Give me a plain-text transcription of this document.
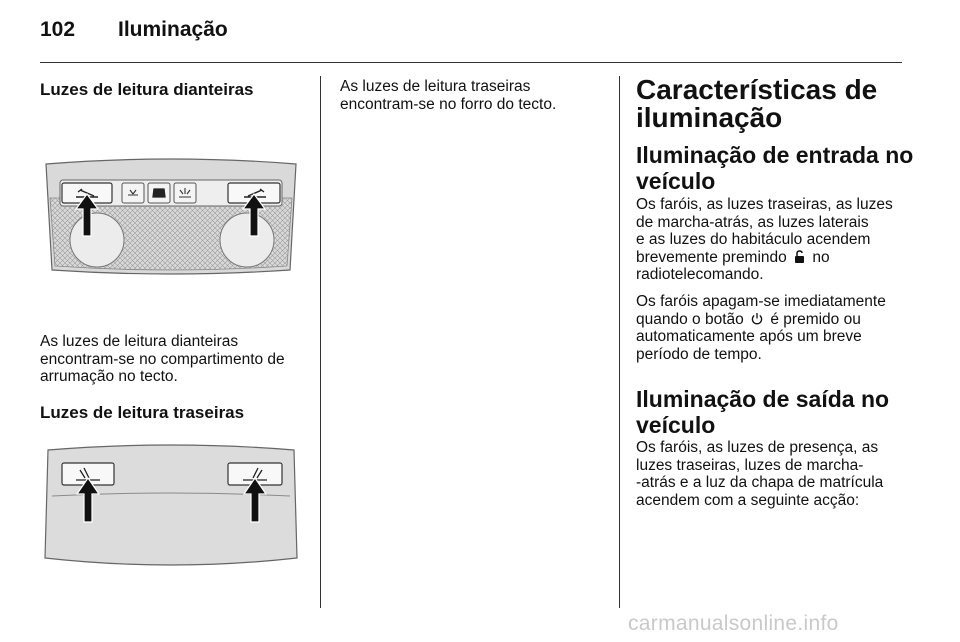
102 Iluminação
Luzes de leitura dianteiras
As luzes de leitura dianteiras
encontram-se no compartimento de
arrumação no tecto.
Luzes de leitura traseiras
As luzes de leitura traseiras
encontram-se no forro do tecto.	Características de
iluminação
Iluminação de entrada no
veículo
Os faróis, as luzes traseiras, as luzes
de marcha-atrás, as luzes laterais
e as luzes do habitáculo acendem
brevemente premindo no
radiotelecomando.
Os faróis apagam-se imediatamente
quando o botão é premido ou
automaticamente após um breve
período de tempo.
Iluminação de saída no
veículo
Os faróis, as luzes de presença, as
luzes traseiras, luzes de marcha-
-atrás e a luz da chapa de matrícula
acendem com a seguinte acção:
carmanualsonline.info
